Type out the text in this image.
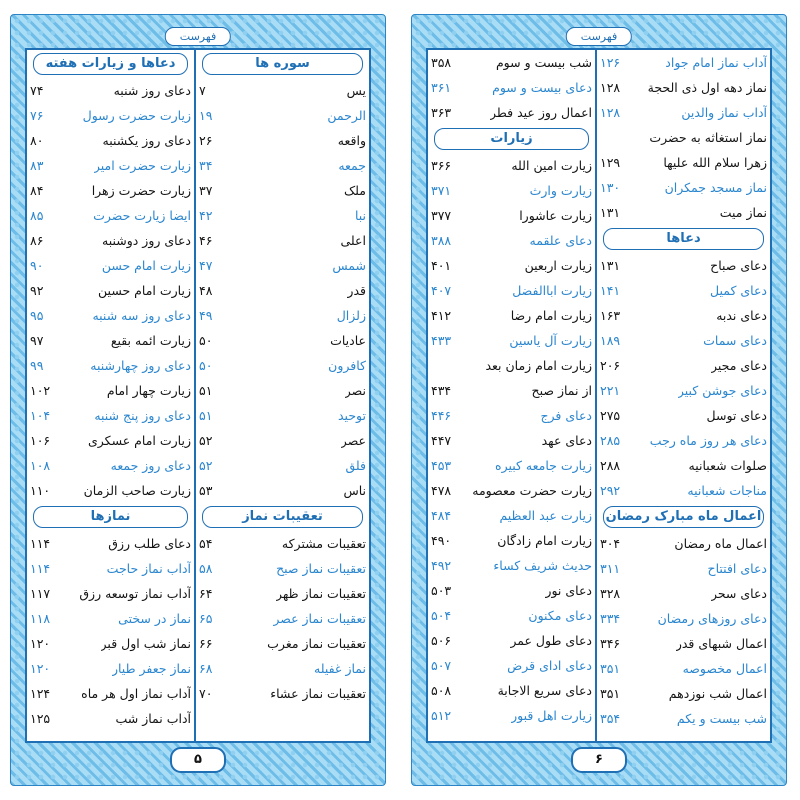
فهرست
سوره ها
یس
۷
الرحمن
۱۹
واقعه
۲۶
جمعه
۳۴
ملک
۳۷
نبا
۴۲
اعلی
۴۶
شمس
۴۷
قدر
۴۸
زلزال
۴۹
عادیات
۵۰
کافرون
۵۰
نصر
۵۱
توحید
۵۱
عصر
۵۲
فلق
۵۲
ناس
۵۳
تعقیبات نماز
تعقیبات مشترکه
۵۴
تعقیبات نماز صبح
۵۸
تعقیبات نماز ظهر
۶۴
تعقیبات نماز عصر
۶۵
تعقیبات نماز مغرب
۶۶
نماز غفیله
۶۸
تعقیبات نماز عشاء
۷۰
دعاها و زیارات هفته
دعای روز شنبه
۷۴
زیارت حضرت رسول
۷۶
دعای روز یکشنبه
۸۰
زیارت حضرت امیر
۸۳
زیارت حضرت زهرا
۸۴
ایضا زیارت حضرت
۸۵
دعای روز دوشنبه
۸۶
زیارت امام حسن
۹۰
زیارت امام حسین
۹۲
دعای روز سه شنبه
۹۵
زیارت ائمه بقیع
۹۷
دعای روز چهارشنبه
۹۹
زیارت چهار امام
۱۰۲
دعای روز پنج شنبه
۱۰۴
زیارت امام عسکری
۱۰۶
دعای روز جمعه
۱۰۸
زیارت صاحب الزمان
۱۱۰
نمازها
دعای طلب رزق
۱۱۴
آداب نماز حاجت
۱۱۴
آداب نماز توسعه رزق
۱۱۷
نماز در سختی
۱۱۸
نماز شب اول قبر
۱۲۰
نماز جعفر طیار
۱۲۰
آداب نماز اول هر ماه
۱۲۴
آداب نماز شب
۱۲۵
۵
فهرست
آداب نماز امام جواد
۱۲۶
نماز دهه اول ذی الحجة
۱۲۸
آداب نماز والدین
۱۲۸
نماز استغاثه به حضرت
زهرا سلام الله علیها
۱۲۹
نماز مسجد جمکران
۱۳۰
نماز میت
۱۳۱
دعاها
دعای صباح
۱۳۱
دعای کمیل
۱۴۱
دعای ندبه
۱۶۳
دعای سمات
۱۸۹
دعای مجیر
۲۰۶
دعای جوشن کبیر
۲۲۱
دعای توسل
۲۷۵
دعای هر روز ماه رجب
۲۸۵
صلوات شعبانیه
۲۸۸
مناجات شعبانیه
۲۹۲
اعمال ماه مبارک رمضان
اعمال ماه رمضان
۳۰۴
دعای افتتاح
۳۱۱
دعای سحر
۳۲۸
دعای روزهای رمضان
۳۳۴
اعمال شبهای قدر
۳۴۶
اعمال مخصوصه
۳۵۱
اعمال شب نوزدهم
۳۵۱
شب بیست و یکم
۳۵۴
شب بیست و سوم
۳۵۸
دعای بیست و سوم
۳۶۱
اعمال روز عید فطر
۳۶۳
زیارات
زیارت امین الله
۳۶۶
زیارت وارث
۳۷۱
زیارت عاشورا
۳۷۷
دعای علقمه
۳۸۸
زیارت اربعین
۴۰۱
زیارت اباالفضل
۴۰۷
زیارت امام رضا
۴۱۲
زیارت آل یاسین
۴۳۳
زیارت امام زمان بعد
از نماز صبح
۴۳۴
دعای فرج
۴۴۶
دعای عهد
۴۴۷
زیارت جامعه کبیره
۴۵۳
زیارت حضرت معصومه
۴۷۸
زیارت عبد العظیم
۴۸۴
زیارت امام زادگان
۴۹۰
حدیث شریف کساء
۴۹۲
دعای نور
۵۰۳
دعای مکنون
۵۰۴
دعای طول عمر
۵۰۶
دعای ادای قرض
۵۰۷
دعای سریع الاجابة
۵۰۸
زیارت اهل قبور
۵۱۲
۶
